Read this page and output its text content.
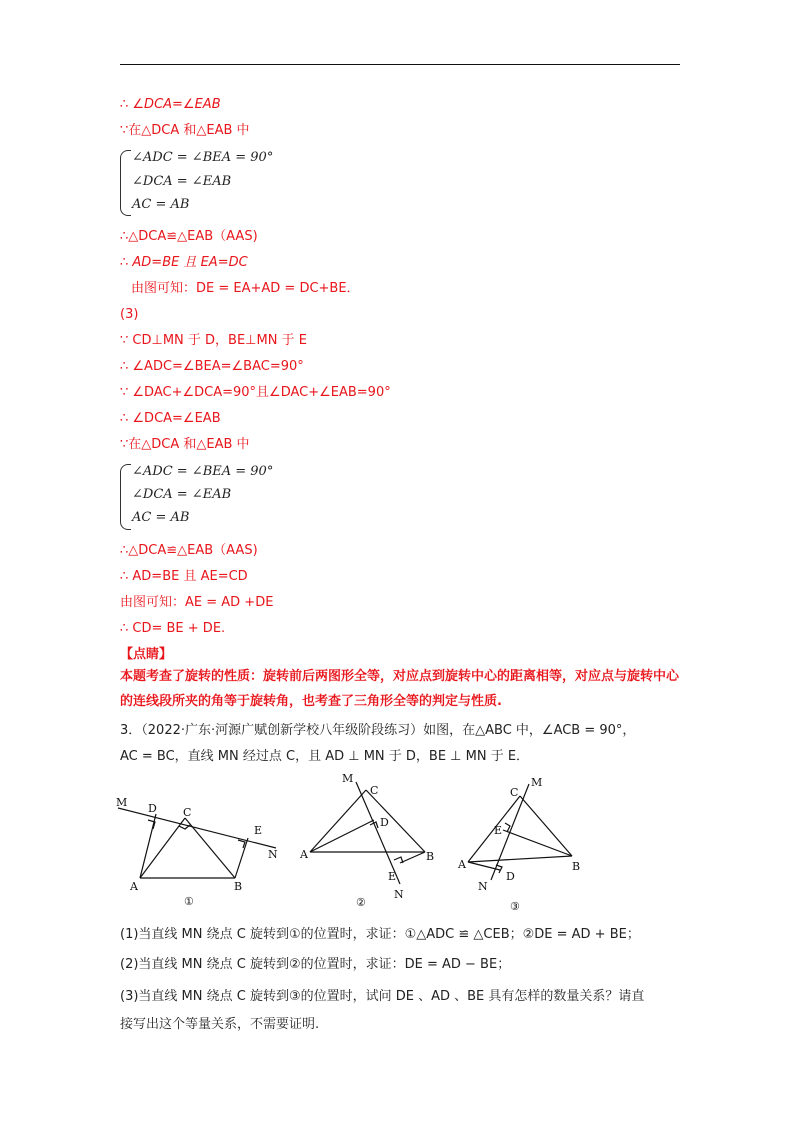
∴ ∠DCA=∠EAB
∵在△DCA 和△EAB 中
∠ADC = ∠BEA = 90°
∠DCA = ∠EAB
AC = AB
∴△DCA≌△EAB（AAS)
∴ AD=BE 且 EA=DC
由图可知：DE = EA+AD = DC+BE．
(3)
∵ CD⊥MN 于 D，BE⊥MN 于 E
∴ ∠ADC=∠BEA=∠BAC=90°
∵ ∠DAC+∠DCA=90°且∠DAC+∠EAB=90°
∴ ∠DCA=∠EAB
∵在△DCA 和△EAB 中
∠ADC = ∠BEA = 90°
∠DCA = ∠EAB
AC = AB
∴△DCA≌△EAB（AAS)
∴ AD=BE 且 AE=CD
由图可知：AE = AD +DE
∴ CD= BE + DE.
【点睛】
本题考查了旋转的性质：旋转前后两图形全等，对应点到旋转中心的距离相等，对应点与旋转中心的连线段所夹的角等于旋转角，也考查了三角形全等的判定与性质.
3．（2022·广东·河源广赋创新学校八年级阶段练习）如图，在△ABC 中，∠ACB = 90°，
AC = BC，直线 MN 经过点 C，且 AD ⊥ MN 于 D，BE ⊥ MN 于 E．
M D C
E
N
A	B
①
M
C
D
A	B
E
N
②
C
M
E
A
N
D
B
③
(1)当直线 MN 绕点 C 旋转到①的位置时，求证：①△ADC ≌ △CEB；②DE = AD + BE；
(2)当直线 MN 绕点 C 旋转到②的位置时，求证：DE = AD − BE；
(3)当直线 MN 绕点 C 旋转到③的位置时，试问 DE 、AD 、BE 具有怎样的数量关系？请直
接写出这个等量关系，不需要证明.
